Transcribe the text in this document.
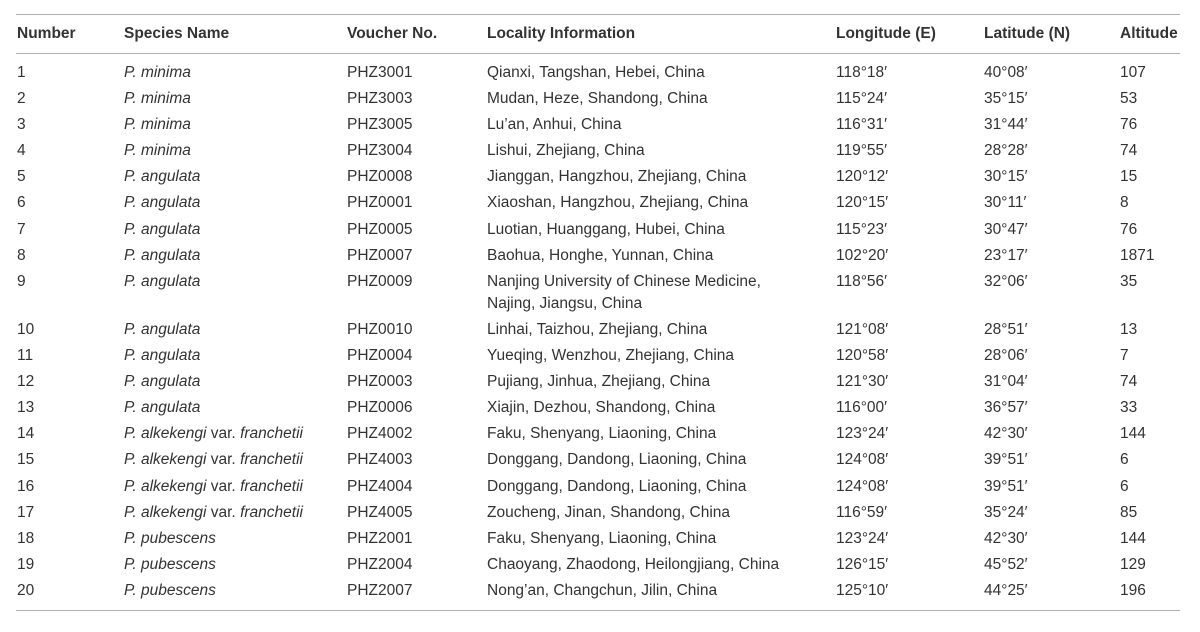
Number	Species Name	Voucher No.	Locality Information	Longitude (E)	Latitude (N)	Altitude
1	P. minima	PHZ3001	Qianxi, Tangshan, Hebei, China	118°18′	40°08′	107
2	P. minima	PHZ3003	Mudan, Heze, Shandong, China	115°24′	35°15′	53
3	P. minima	PHZ3005	Lu’an, Anhui, China	116°31′	31°44′	76
4	P. minima	PHZ3004	Lishui, Zhejiang, China	119°55′	28°28′	74
5	P. angulata	PHZ0008	Jianggan, Hangzhou, Zhejiang, China	120°12′	30°15′	15
6	P. angulata	PHZ0001	Xiaoshan, Hangzhou, Zhejiang, China	120°15′	30°11′	8
7	P. angulata	PHZ0005	Luotian, Huanggang, Hubei, China	115°23′	30°47′	76
8	P. angulata	PHZ0007	Baohua, Honghe, Yunnan, China	102°20′	23°17′	1871
9	P. angulata	PHZ0009	Nanjing University of Chinese Medicine,
Najing, Jiangsu, China
118°56′	32°06′	35
10	P. angulata	PHZ0010	Linhai, Taizhou, Zhejiang, China	121°08′	28°51′	13
11	P. angulata	PHZ0004	Yueqing, Wenzhou, Zhejiang, China	120°58′	28°06′	7
12	P. angulata	PHZ0003	Pujiang, Jinhua, Zhejiang, China	121°30′	31°04′	74
13	P. angulata	PHZ0006	Xiajin, Dezhou, Shandong, China	116°00′	36°57′	33
14	P. alkekengi var. franchetii	PHZ4002	Faku, Shenyang, Liaoning, China	123°24′	42°30′	144
15	P. alkekengi var. franchetii	PHZ4003	Donggang, Dandong, Liaoning, China	124°08′	39°51′	6
16	P. alkekengi var. franchetii	PHZ4004	Donggang, Dandong, Liaoning, China	124°08′	39°51′	6
17	P. alkekengi var. franchetii	PHZ4005	Zoucheng, Jinan, Shandong, China	116°59′	35°24′	85
18	P. pubescens	PHZ2001	Faku, Shenyang, Liaoning, China	123°24′	42°30′	144
19	P. pubescens	PHZ2004	Chaoyang, Zhaodong, Heilongjiang, China	126°15′	45°52′	129
20	P. pubescens	PHZ2007	Nong’an, Changchun, Jilin, China	125°10′	44°25′	196
